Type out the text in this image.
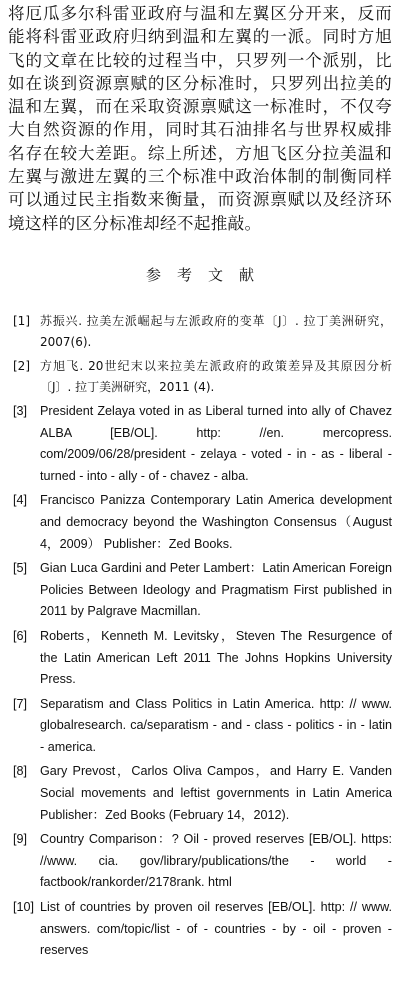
将厄瓜多尔科雷亚政府与温和左翼区分开来，反而能将科雷亚政府归纳到温和左翼的一派。同时方旭飞的文章在比较的过程当中，只罗列一个派别，比如在谈到资源禀赋的区分标准时，只罗列出拉美的温和左翼，而在采取资源禀赋这一标准时，不仅夸大自然资源的作用，同时其石油排名与世界权威排名存在较大差距。综上所述，方旭飞区分拉美温和左翼与激进左翼的三个标准中政治体制的制衡同样可以通过民主指数来衡量，而资源禀赋以及经济环境这样的区分标准却经不起推敲。

参考文献
[1] 苏振兴. 拉美左派崛起与左派政府的变革〔J〕. 拉丁美洲研究，2007(6).
[2] 方旭飞. 20世纪末以来拉美左派政府的政策差异及其原因分析〔J〕. 拉丁美洲研究，2011 (4).
[3]	President Zelaya voted in as Liberal turned into ally of Chavez ALBA [EB/OL]. http: //en. mercopress. com/2009/06/28/president - zelaya - voted - in - as - liberal - turned - into - ally - of - chavez - alba.
[4]	Francisco Panizza Contemporary Latin America development and democracy beyond the Washington Consensus（August 4，2009） Publisher：Zed Books.
[5]	Gian Luca Gardini and Peter Lambert：Latin American Foreign Policies Between Ideology and Pragmatism First published in 2011 by Palgrave Macmillan.
[6]	Roberts，Kenneth M. Levitsky，Steven The Resurgence of the Latin American Left 2011 The Johns Hopkins University Press.
[7]	Separatism and Class Politics in Latin America. http: // www. globalresearch. ca/separatism - and - class - politics - in - latin - america.
[8]	Gary Prevost，Carlos Oliva Campos，and Harry E. Vanden Social movements and leftist governments in Latin America Publisher：Zed Books (February 14，2012).
[9]	Country Comparison：? Oil - proved reserves [EB/OL]. https: //www. cia. gov/library/publications/the - world - factbook/rankorder/2178rank. html
[10] List of countries by proven oil reserves [EB/OL]. http: // www. answers. com/topic/list - of - countries - by - oil - proven - reserves
